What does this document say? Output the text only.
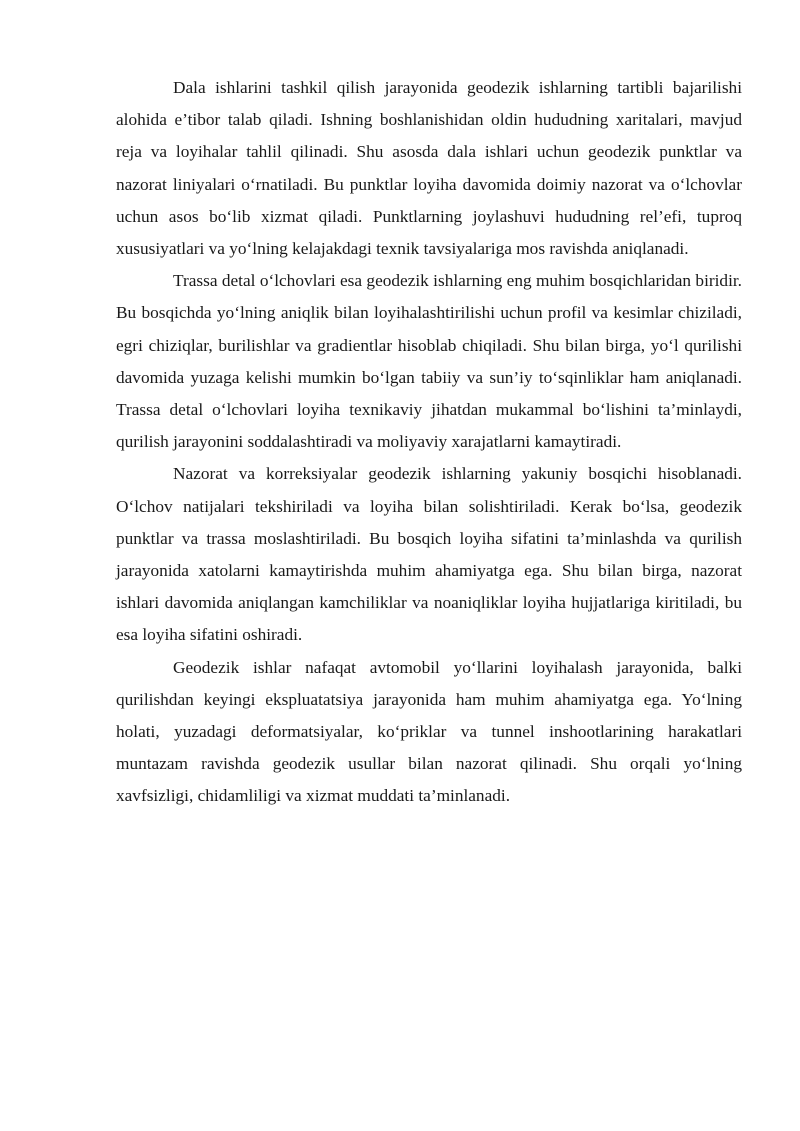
Dala ishlarini tashkil qilish jarayonida geodezik ishlarning tartibli bajarilishi alohida e’tibor talab qiladi. Ishning boshlanishidan oldin hududning xaritalari, mavjud reja va loyihalar tahlil qilinadi. Shu asosda dala ishlari uchun geodezik punktlar va nazorat liniyalari o‘rnatiladi. Bu punktlar loyiha davomida doimiy nazorat va o‘lchovlar uchun asos bo‘lib xizmat qiladi. Punktlarning joylashuvi hududning rel’efi, tuproq xususiyatlari va yo‘lning kelajakdagi texnik tavsiyalariga mos ravishda aniqlanadi.

Trassa detal o‘lchovlari esa geodezik ishlarning eng muhim bosqichlaridan biridir. Bu bosqichda yo‘lning aniqlik bilan loyihalashtirilishi uchun profil va kesimlar chiziladi, egri chiziqlar, burilishlar va gradientlar hisoblab chiqiladi. Shu bilan birga, yo‘l qurilishi davomida yuzaga kelishi mumkin bo‘lgan tabiiy va sun’iy to‘sqinliklar ham aniqlanadi. Trassa detal o‘lchovlari loyiha texnikaviy jihatdan mukammal bo‘lishini ta’minlaydi, qurilish jarayonini soddalashtiradi va moliyaviy xarajatlarni kamaytiradi.

Nazorat va korreksiyalar geodezik ishlarning yakuniy bosqichi hisoblanadi. O‘lchov natijalari tekshiriladi va loyiha bilan solishtiriladi. Kerak bo‘lsa, geodezik punktlar va trassa moslashtiriladi. Bu bosqich loyiha sifatini ta’minlashda va qurilish jarayonida xatolarni kamaytirishda muhim ahamiyatga ega. Shu bilan birga, nazorat ishlari davomida aniqlangan kamchiliklar va noaniqliklar loyiha hujjatlariga kiritiladi, bu esa loyiha sifatini oshiradi.

Geodezik ishlar nafaqat avtomobil yo‘llarini loyihalash jarayonida, balki qurilishdan keyingi ekspluatatsiya jarayonida ham muhim ahamiyatga ega. Yo‘lning holati, yuzadagi deformatsiyalar, ko‘priklar va tunnel inshootlarining harakatlari muntazam ravishda geodezik usullar bilan nazorat qilinadi. Shu orqali yo‘lning xavfsizligi, chidamliligi va xizmat muddati ta’minlanadi.
